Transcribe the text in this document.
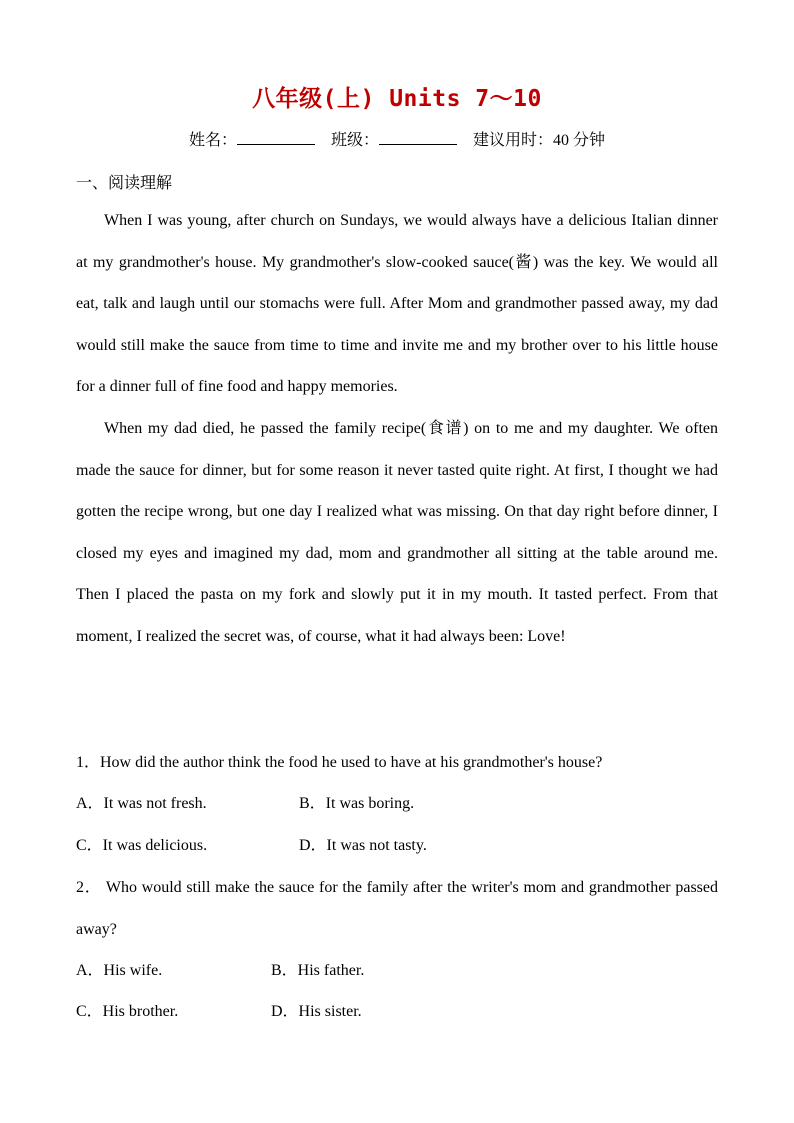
八年级(上) Units 7～10
姓名：	班级：	建议用时：40 分钟
一、阅读理解

When I was young, after church on Sundays, we would always have a delicious Italian dinner at my grandmother's house. My grandmother's slow-cooked sauce(酱) was the key. We would all eat, talk and laugh until our stomachs were full. After Mom and grandmother passed away, my dad would still make the sauce from time to time and invite me and my brother over to his little house for a dinner full of fine food and happy memories.

When my dad died, he passed the family recipe(食谱) on to me and my daughter. We often made the sauce for dinner, but for some reason it never tasted quite right. At first, I thought we had gotten the recipe wrong, but one day I realized what was missing. On that day right before dinner, I closed my eyes and imagined my dad, mom and grandmother all sitting at the table around me. Then I placed the pasta on my fork and slowly put it in my mouth. It tasted perfect. From that moment, I realized the secret was, of course, what it had always been: Love!

1．How did the author think the food he used to have at his grandmother's house?
A．It was not fresh.	B．It was boring.
C．It was delicious.	D．It was not tasty.
2． Who would still make the sauce for the family after the writer's mom and grandmother passed away?
A．His wife.	B．His father.
C．His brother.	D．His sister.
